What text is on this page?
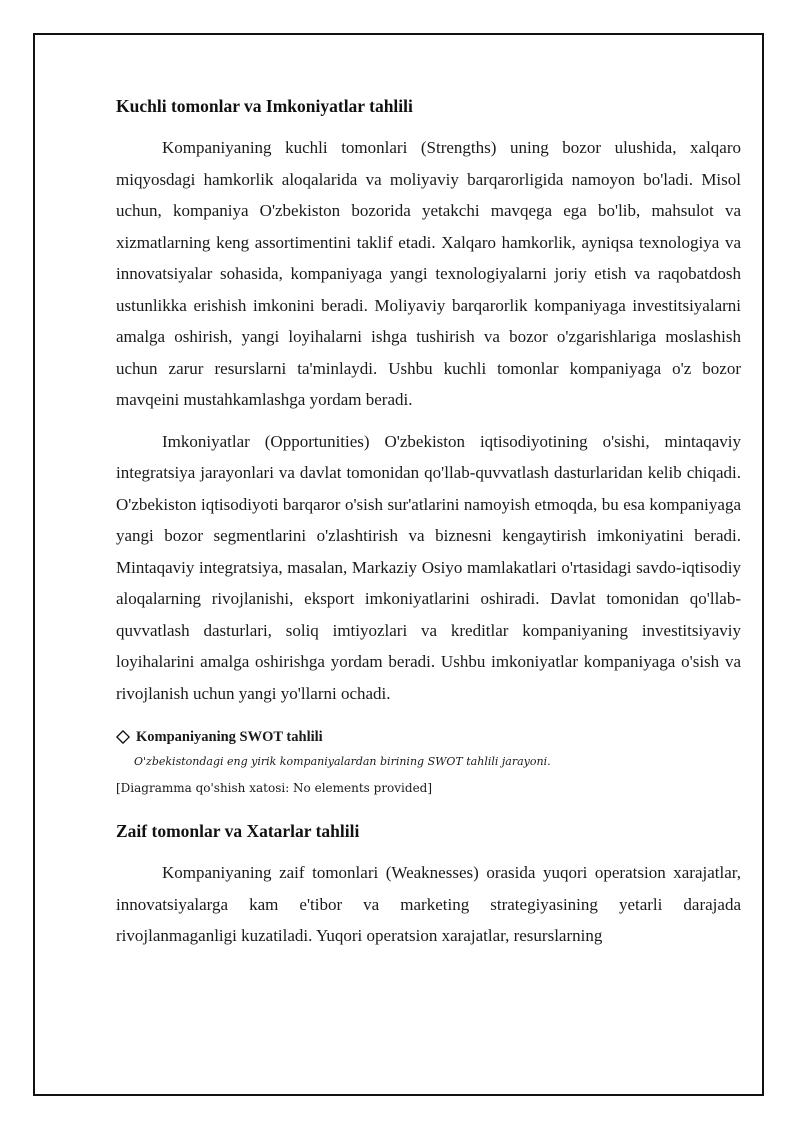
Kuchli tomonlar va Imkoniyatlar tahlili

Kompaniyaning kuchli tomonlari (Strengths) uning bozor ulushida, xalqaro miqyosdagi hamkorlik aloqalarida va moliyaviy barqarorligida namoyon bo'ladi. Misol uchun, kompaniya O'zbekiston bozorida yetakchi mavqega ega bo'lib, mahsulot va xizmatlarning keng assortimentini taklif etadi. Xalqaro hamkorlik, ayniqsa texnologiya va innovatsiyalar sohasida, kompaniyaga yangi texnologiyalarni joriy etish va raqobatdosh ustunlikka erishish imkonini beradi. Moliyaviy barqarorlik kompaniyaga investitsiyalarni amalga oshirish, yangi loyihalarni ishga tushirish va bozor o'zgarishlariga moslashish uchun zarur resurslarni ta'minlaydi. Ushbu kuchli tomonlar kompaniyaga o'z bozor mavqeini mustahkamlashga yordam beradi.

Imkoniyatlar (Opportunities) O'zbekiston iqtisodiyotining o'sishi, mintaqaviy integratsiya jarayonlari va davlat tomonidan qo'llab-quvvatlash dasturlaridan kelib chiqadi. O'zbekiston iqtisodiyoti barqaror o'sish sur'atlarini namoyish etmoqda, bu esa kompaniyaga yangi bozor segmentlarini o'zlashtirish va biznesni kengaytirish imkoniyatini beradi. Mintaqaviy integratsiya, masalan, Markaziy Osiyo mamlakatlari o'rtasidagi savdo-iqtisodiy aloqalarning rivojlanishi, eksport imkoniyatlarini oshiradi. Davlat tomonidan qo'llab-quvvatlash dasturlari, soliq imtiyozlari va kreditlar kompaniyaning investitsiyaviy loyihalarini amalga oshirishga yordam beradi. Ushbu imkoniyatlar kompaniyaga o'sish va rivojlanish uchun yangi yo'llarni ochadi.

Kompaniyaning SWOT tahlili
O'zbekistondagi eng yirik kompaniyalardan birining SWOT tahlili jarayoni.
[Diagramma qo'shish xatosi: No elements provided]
Zaif tomonlar va Xatarlar tahlili

Kompaniyaning zaif tomonlari (Weaknesses) orasida yuqori operatsion xarajatlar, innovatsiyalarga kam e'tibor va marketing strategiyasining yetarli darajada rivojlanmaganligi kuzatiladi. Yuqori operatsion xarajatlar, resurslarning
